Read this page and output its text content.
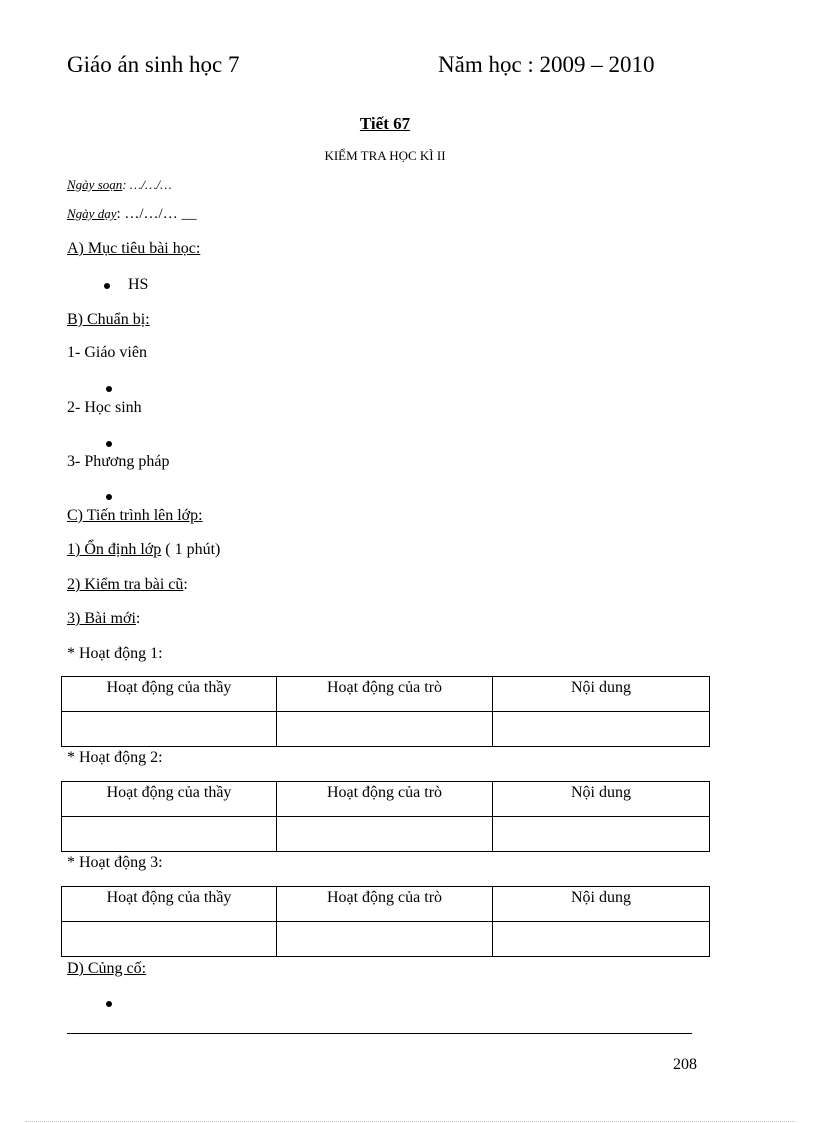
Giáo án sinh học 7	Năm học : 2009 – 2010
Tiết 67
KIỂM TRA HỌC KÌ II
Ngày soạn: …/…/…
Ngày dạy: …/…/… __
A) Mục tiêu bài học:
HS
B) Chuẩn bị:
1- Giáo viên
2- Học sinh
3- Phương pháp
C) Tiến trình lên lớp:
1) Ổn định lớp ( 1 phút)
2) Kiểm tra bài cũ:
3) Bài mới:
* Hoạt động 1:
Hoạt động của thầy	Hoạt động của trò	Nội dung

* Hoạt động 2:
Hoạt động của thầy	Hoạt động của trò	Nội dung

* Hoạt động 3:
Hoạt động của thầy	Hoạt động của trò	Nội dung

D) Củng cố:
208
